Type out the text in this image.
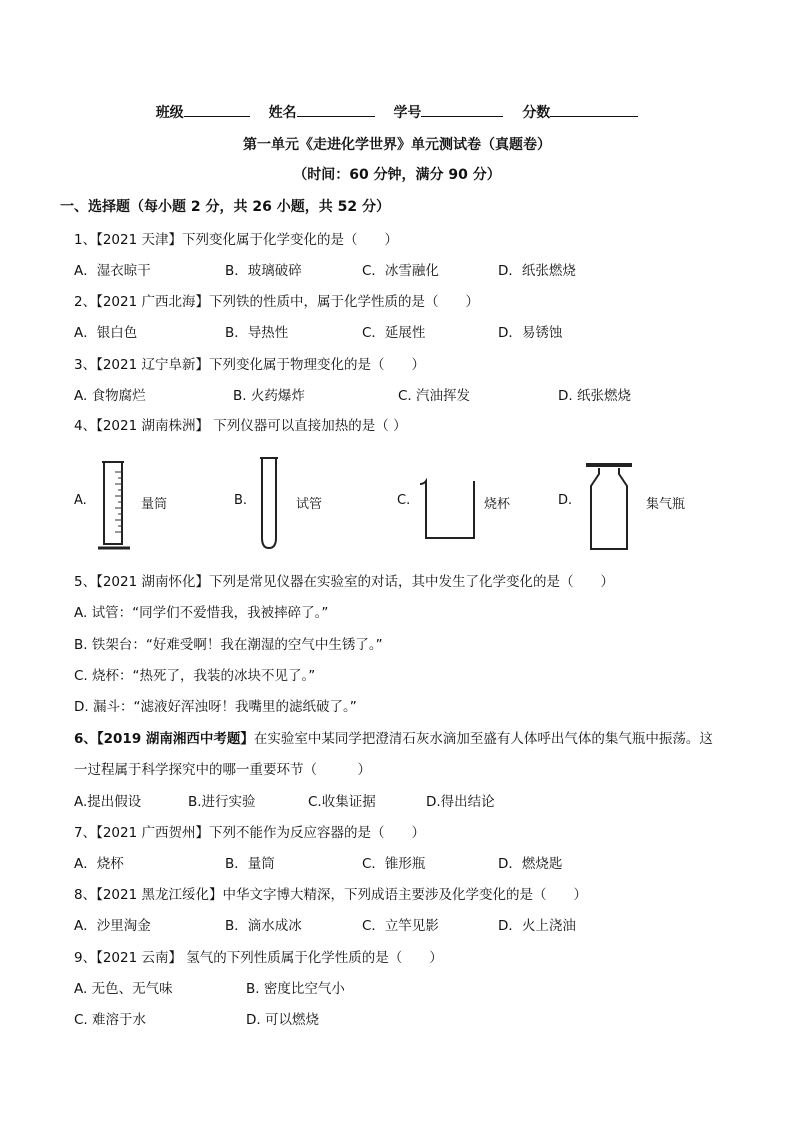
班级	姓名	学号	分数
第一单元《走进化学世界》单元测试卷（真题卷）
（时间：60 分钟，满分 90 分）
一、选择题（每小题 2 分，共 26 小题，共 52 分）
1、【2021 天津】下列变化属于化学变化的是（　　）
A．湿衣晾干	B．玻璃破碎	C．冰雪融化	D．纸张燃烧
2、【2021 广西北海】下列铁的性质中，属于化学性质的是（　　）
A．银白色	B．导热性	C．延展性	D．易锈蚀
3、【2021 辽宁阜新】下列变化属于物理变化的是（　　）
A. 食物腐烂	B. 火药爆炸	C. 汽油挥发	D. 纸张燃烧
4、【2021 湖南株洲】 下列仪器可以直接加热的是（ ）
A.	量筒	B.	试管	C.	烧杯	D.	集气瓶
5、【2021 湖南怀化】下列是常见仪器在实验室的对话，其中发生了化学变化的是（　　）
A. 试管：“同学们不爱惜我，我被摔碎了。”
B. 铁架台：“好难受啊！我在潮湿的空气中生锈了。”
C. 烧杯：“热死了，我装的冰块不见了。”
D. 漏斗：“滤液好浑浊呀！我嘴里的滤纸破了。”
6、【2019 湖南湘西中考题】在实验室中某同学把澄清石灰水滴加至盛有人体呼出气体的集气瓶中振荡。这
一过程属于科学探究中的哪一重要环节（　　　）
A.提出假设	B.进行实验	C.收集证据	D.得出结论
7、【2021 广西贺州】下列不能作为反应容器的是（　　）
A．烧杯	B．量筒	C．锥形瓶	D．燃烧匙
8、【2021 黑龙江绥化】中华文字博大精深，下列成语主要涉及化学变化的是（　　）
A．沙里淘金	B．滴水成冰	C．立竿见影	D．火上浇油
9、【2021 云南】 氢气的下列性质属于化学性质的是（　　）
A. 无色、无气味	B. 密度比空气小
C. 难溶于水	D. 可以燃烧
